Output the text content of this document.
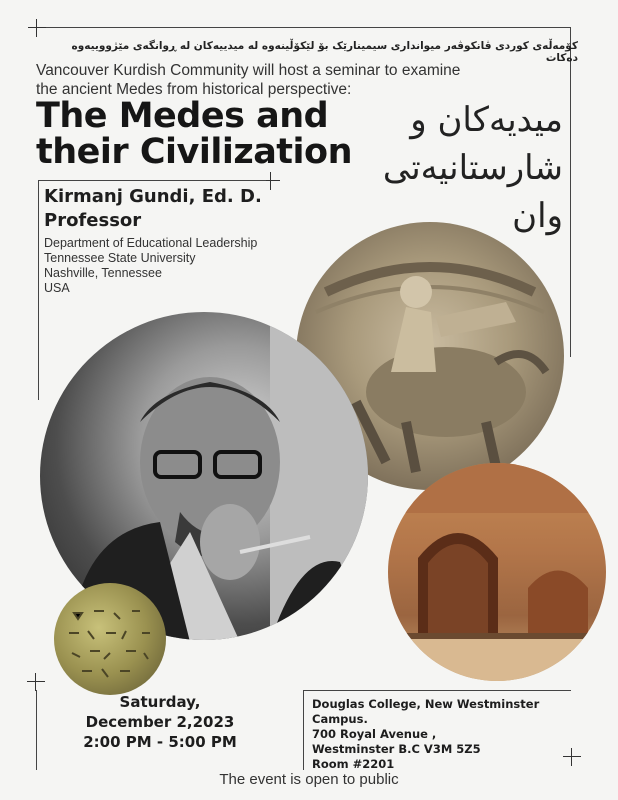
کۆمەڵەی کوردی ڤانکوڤەر میوانداری سیمینارێک بۆ لێکۆڵینەوە لە میدییەکان لە ڕوانگەی مێژووییەوە دەکات
Vancouver Kurdish Community will host a seminar to examine the ancient Medes from historical perspective:
The Medes and
their Civilization
میدیەکان و
شارستانیەتی
وان
Kirmanj Gundi, Ed. D.
Professor
Department of Educational Leadership
Tennessee State University
Nashville, Tennessee
USA
Saturday,
December 2,2023
2:00 PM - 5:00 PM
Douglas College, New Westminster Campus.
700 Royal Avenue ,
Westminster B.C V3M 5Z5
Room #2201
The event is open to public
